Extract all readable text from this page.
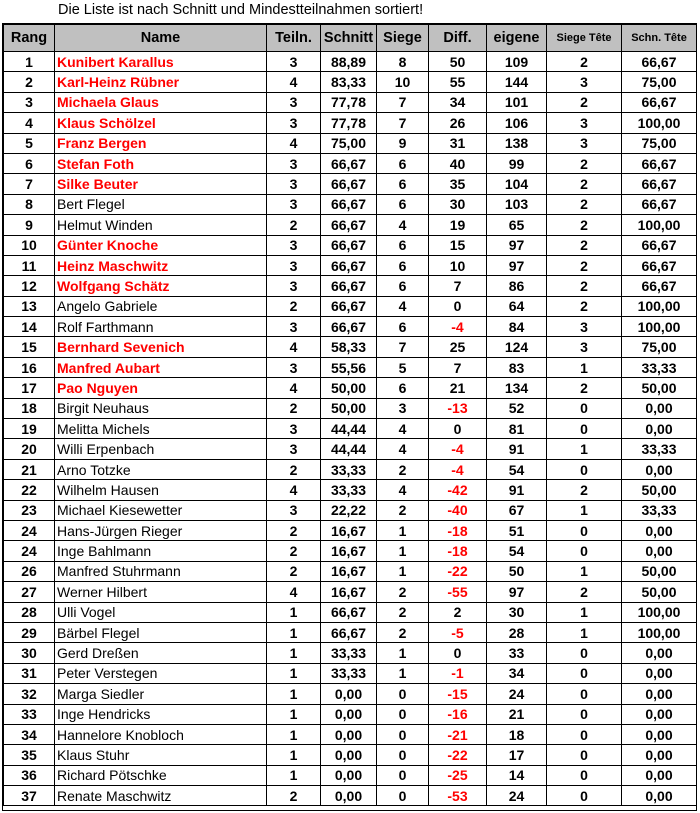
Die Liste ist nach Schnitt und Mindestteilnahmen sortiert!
Rang	Name	Teiln.	Schnitt	Siege	Diff.	eigene	Siege Tête	Schn. Tête
1	Kunibert Karallus	3	88,89	8	50	109	2	66,67
2	Karl-Heinz Rübner	4	83,33	10	55	144	3	75,00
3	Michaela Glaus	3	77,78	7	34	101	2	66,67
4	Klaus Schölzel	3	77,78	7	26	106	3	100,00
5	Franz Bergen	4	75,00	9	31	138	3	75,00
6	Stefan Foth	3	66,67	6	40	99	2	66,67
7	Silke Beuter	3	66,67	6	35	104	2	66,67
8	Bert Flegel	3	66,67	6	30	103	2	66,67
9	Helmut Winden	2	66,67	4	19	65	2	100,00
10	Günter Knoche	3	66,67	6	15	97	2	66,67
11	Heinz Maschwitz	3	66,67	6	10	97	2	66,67
12	Wolfgang Schätz	3	66,67	6	7	86	2	66,67
13	Angelo Gabriele	2	66,67	4	0	64	2	100,00
14	Rolf Farthmann	3	66,67	6	-4	84	3	100,00
15	Bernhard Sevenich	4	58,33	7	25	124	3	75,00
16	Manfred Aubart	3	55,56	5	7	83	1	33,33
17	Pao Nguyen	4	50,00	6	21	134	2	50,00
18	Birgit Neuhaus	2	50,00	3	-13	52	0	0,00
19	Melitta Michels	3	44,44	4	0	81	0	0,00
20	Willi Erpenbach	3	44,44	4	-4	91	1	33,33
21	Arno Totzke	2	33,33	2	-4	54	0	0,00
22	Wilhelm Hausen	4	33,33	4	-42	91	2	50,00
23	Michael Kiesewetter	3	22,22	2	-40	67	1	33,33
24	Hans-Jürgen Rieger	2	16,67	1	-18	51	0	0,00
24	Inge Bahlmann	2	16,67	1	-18	54	0	0,00
26	Manfred Stuhrmann	2	16,67	1	-22	50	1	50,00
27	Werner Hilbert	4	16,67	2	-55	97	2	50,00
28	Ulli Vogel	1	66,67	2	2	30	1	100,00
29	Bärbel Flegel	1	66,67	2	-5	28	1	100,00
30	Gerd Dreßen	1	33,33	1	0	33	0	0,00
31	Peter Verstegen	1	33,33	1	-1	34	0	0,00
32	Marga Siedler	1	0,00	0	-15	24	0	0,00
33	Inge Hendricks	1	0,00	0	-16	21	0	0,00
34	Hannelore Knobloch	1	0,00	0	-21	18	0	0,00
35	Klaus Stuhr	1	0,00	0	-22	17	0	0,00
36	Richard Pötschke	1	0,00	0	-25	14	0	0,00
37	Renate Maschwitz	2	0,00	0	-53	24	0	0,00
